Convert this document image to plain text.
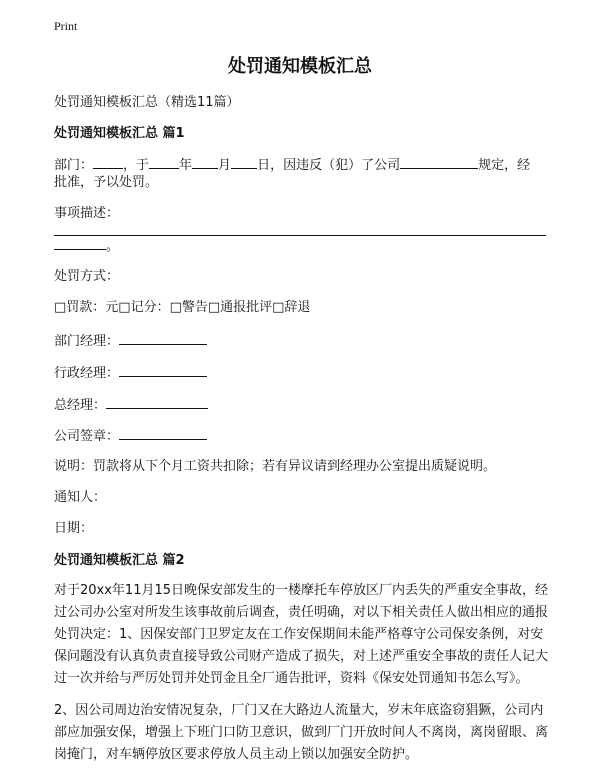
Print
处罚通知模板汇总
处罚通知模板汇总（精选11篇）
处罚通知模板汇总 篇1
部门： ，于 年 月 日，因违反（犯）了公司	规定，经
批准，予以处罚。
事项描述：
。
处罚方式：
□罚款：元□记分：□警告□通报批评□辞退
部门经理：
行政经理：
总经理：
公司签章：
说明：罚款将从下个月工资共扣除；若有异议请到经理办公室提出质疑说明。
通知人：
日期：
处罚通知模板汇总 篇2
对于20xx年11月15日晚保安部发生的一楼摩托车停放区厂内丢失的严重安全事故，经过公司办公室对所发生该事故前后调查，责任明确，对以下相关责任人做出相应的通报处罚决定：1、因保安部门卫罗定友在工作安保期间未能严格尊守公司保安条例，对安保问题没有认真负责直接导致公司财产造成了损失，对上述严重安全事故的责任人记大过一次并给与严厉处罚并处罚金且全厂通告批评，资料《保安处罚通知书怎么写》。
2、因公司周边治安情况复杂，厂门又在大路边人流量大，岁末年底盗窃猖獗，公司内部应加强安保，增强上下班门口防卫意识，做到厂门开放时间人不离岗，离岗留眼、离岗掩门，对车辆停放区要求停放人员主动上锁以加强安全防护。
